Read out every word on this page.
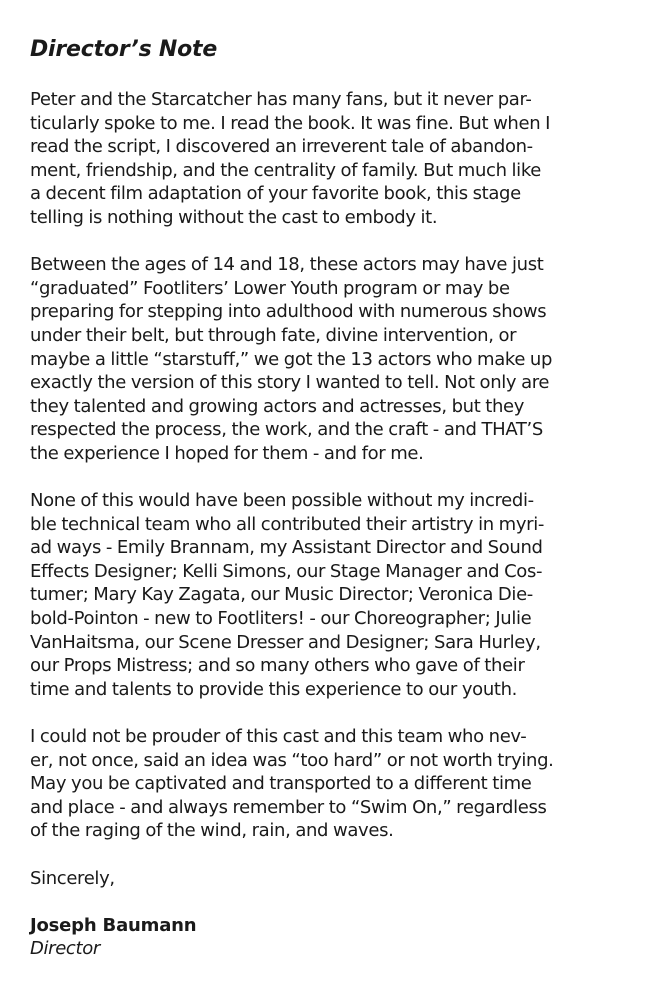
Director’s Note

Peter and the Starcatcher has many fans, but it never par-
ticularly spoke to me. I read the book. It was fine. But when I
read the script, I discovered an irreverent tale of abandon-
ment, friendship, and the centrality of family. But much like
a decent film adaptation of your favorite book, this stage
telling is nothing without the cast to embody it.

Between the ages of 14 and 18, these actors may have just
“graduated” Footliters’ Lower Youth program or may be
preparing for stepping into adulthood with numerous shows
under their belt, but through fate, divine intervention, or
maybe a little “starstuff,” we got the 13 actors who make up
exactly the version of this story I wanted to tell. Not only are
they talented and growing actors and actresses, but they
respected the process, the work, and the craft - and THAT’S
the experience I hoped for them - and for me.

None of this would have been possible without my incredi-
ble technical team who all contributed their artistry in myri-
ad ways - Emily Brannam, my Assistant Director and Sound
Effects Designer; Kelli Simons, our Stage Manager and Cos-
tumer; Mary Kay Zagata, our Music Director; Veronica Die-
bold-Pointon - new to Footliters! - our Choreographer; Julie
VanHaitsma, our Scene Dresser and Designer; Sara Hurley,
our Props Mistress; and so many others who gave of their
time and talents to provide this experience to our youth.

I could not be prouder of this cast and this team who nev-
er, not once, said an idea was “too hard” or not worth trying.
May you be captivated and transported to a different time
and place - and always remember to “Swim On,” regardless
of the raging of the wind, rain, and waves.

Sincerely,

Joseph Baumann
Director
